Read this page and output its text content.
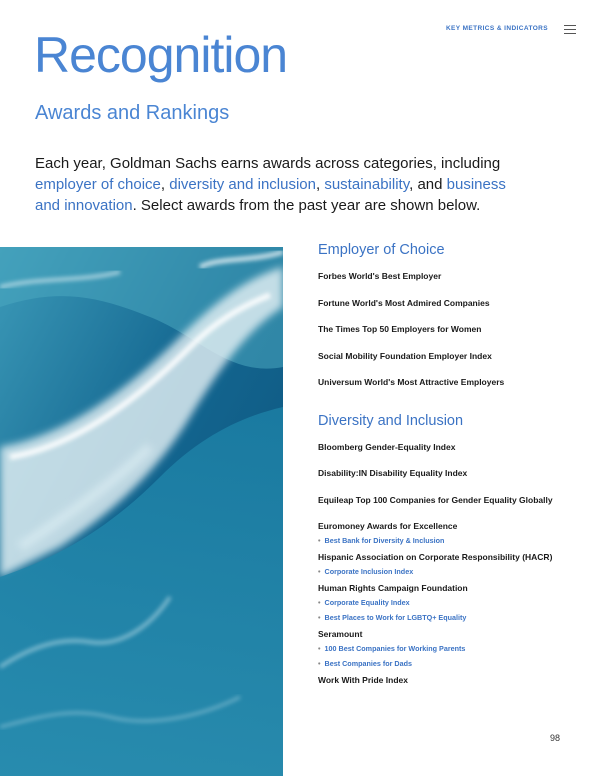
KEY METRICS & INDICATORS
Recognition
Awards and Rankings

Each year, Goldman Sachs earns awards across categories, including employer of choice, diversity and inclusion, sustainability, and business and innovation. Select awards from the past year are shown below.

Employer of Choice
Forbes World's Best Employer
Fortune World's Most Admired Companies
The Times Top 50 Employers for Women
Social Mobility Foundation Employer Index
Universum World's Most Attractive Employers
Diversity and Inclusion
Bloomberg Gender-Equality Index
Disability:IN Disability Equality Index
Equileap Top 100 Companies for Gender Equality Globally
Euromoney Awards for Excellence
• Best Bank for Diversity & Inclusion
Hispanic Association on Corporate Responsibility (HACR)
• Corporate Inclusion Index
Human Rights Campaign Foundation
• Corporate Equality Index
• Best Places to Work for LGBTQ+ Equality
Seramount
• 100 Best Companies for Working Parents
• Best Companies for Dads
Work With Pride Index
98
